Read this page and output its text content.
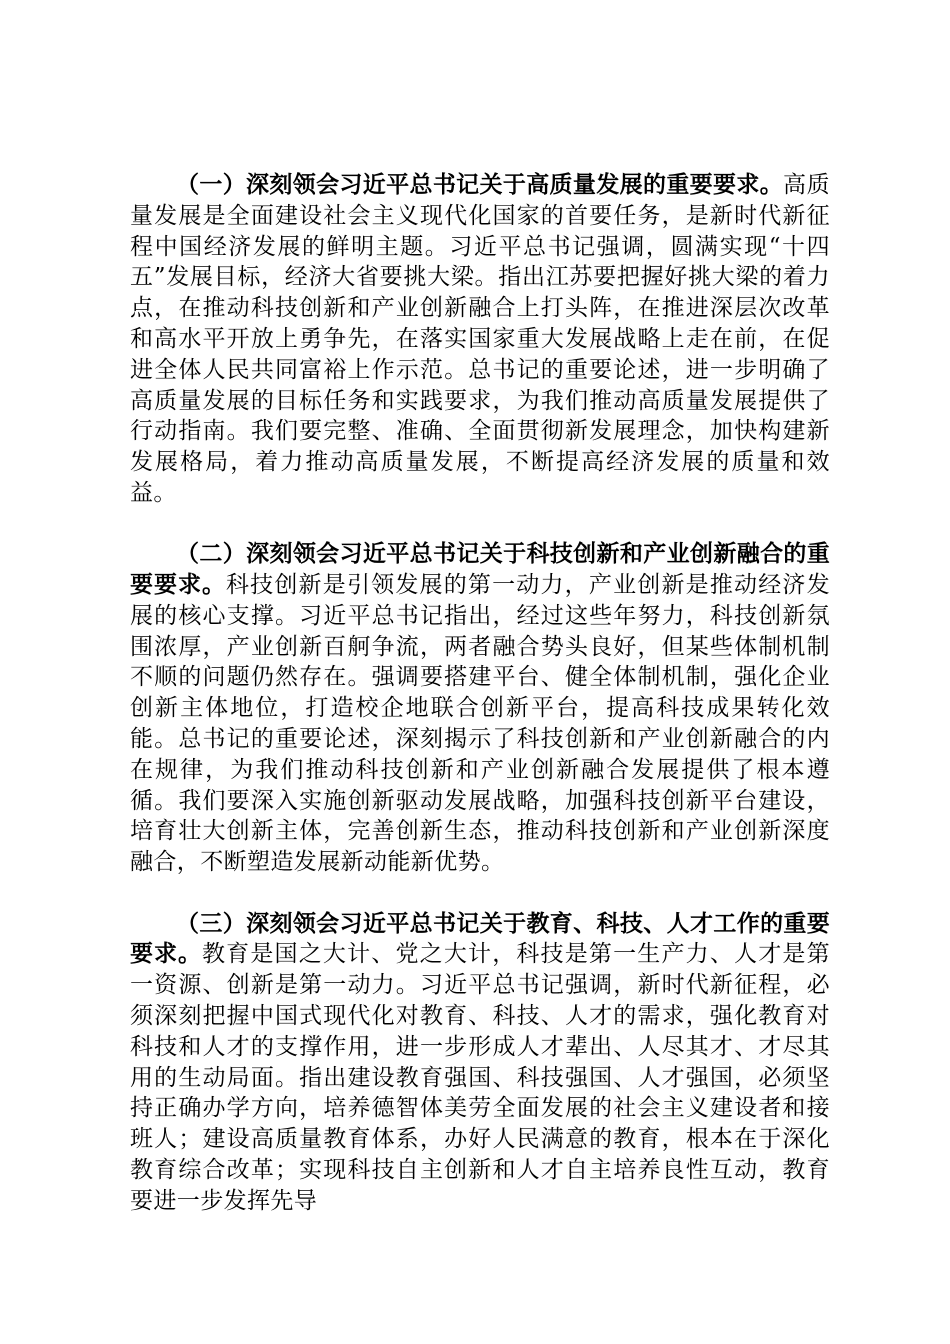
（一）深刻领会习近平总书记关于高质量发展的重要要求。高质量发展是全面建设社会主义现代化国家的首要任务，是新时代新征程中国经济发展的鲜明主题。习近平总书记强调，圆满实现“十四五”发展目标，经济大省要挑大梁。指出江苏要把握好挑大梁的着力点，在推动科技创新和产业创新融合上打头阵，在推进深层次改革和高水平开放上勇争先，在落实国家重大发展战略上走在前，在促进全体人民共同富裕上作示范。总书记的重要论述，进一步明确了高质量发展的目标任务和实践要求，为我们推动高质量发展提供了行动指南。我们要完整、准确、全面贯彻新发展理念，加快构建新发展格局，着力推动高质量发展，不断提高经济发展的质量和效益。

（二）深刻领会习近平总书记关于科技创新和产业创新融合的重要要求。科技创新是引领发展的第一动力，产业创新是推动经济发展的核心支撑。习近平总书记指出，经过这些年努力，科技创新氛围浓厚，产业创新百舸争流，两者融合势头良好，但某些体制机制不顺的问题仍然存在。强调要搭建平台、健全体制机制，强化企业创新主体地位，打造校企地联合创新平台，提高科技成果转化效能。总书记的重要论述，深刻揭示了科技创新和产业创新融合的内在规律，为我们推动科技创新和产业创新融合发展提供了根本遵循。我们要深入实施创新驱动发展战略，加强科技创新平台建设，培育壮大创新主体，完善创新生态，推动科技创新和产业创新深度融合，不断塑造发展新动能新优势。

（三）深刻领会习近平总书记关于教育、科技、人才工作的重要要求。教育是国之大计、党之大计，科技是第一生产力、人才是第一资源、创新是第一动力。习近平总书记强调，新时代新征程，必须深刻把握中国式现代化对教育、科技、人才的需求，强化教育对科技和人才的支撑作用，进一步形成人才辈出、人尽其才、才尽其用的生动局面。指出建设教育强国、科技强国、人才强国，必须坚持正确办学方向，培养德智体美劳全面发展的社会主义建设者和接班人；建设高质量教育体系，办好人民满意的教育，根本在于深化教育综合改革；实现科技自主创新和人才自主培养良性互动，教育要进一步发挥先导
